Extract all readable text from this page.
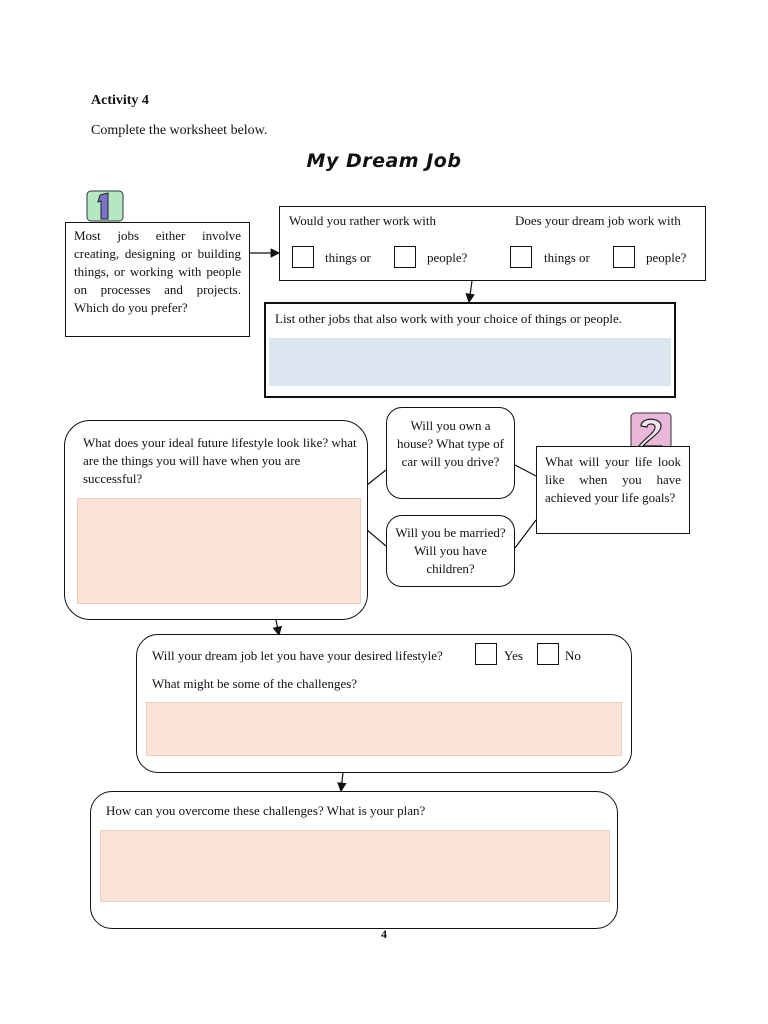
Activity 4
Complete the worksheet below.
My Dream Job
Most jobs either involve creating, designing or building things, or working with people on processes and projects. Which do you prefer?
Would you rather work with	Does your dream job work with
things or	people?	things or	people?
List other jobs that also work with your choice of things or people.
What does your ideal future lifestyle look like? what are the things you will have when you are successful?
Will you own a house? What type of car will you drive?
Will you be married? Will you have children?
What will your life look like when you have achieved your life goals?
Will your dream job let you have your desired lifestyle?	Yes	No
What might be some of the challenges?
How can you overcome these challenges? What is your plan?
4
